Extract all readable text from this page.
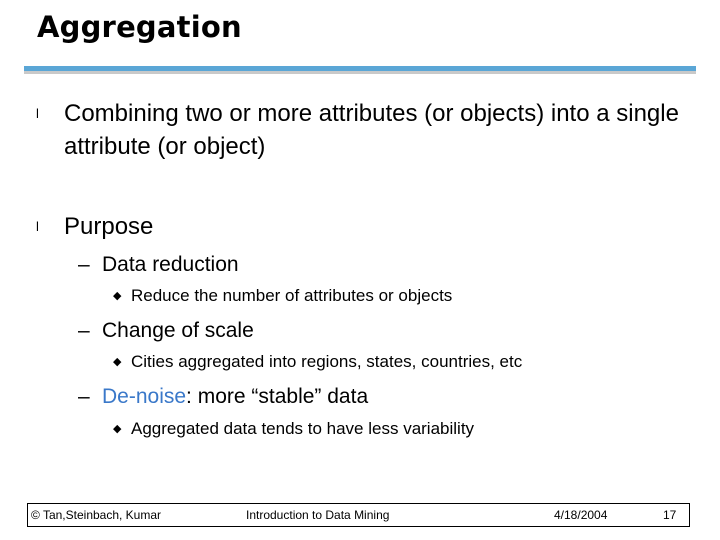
Aggregation
l	Combining two or more attributes (or objects) into a single attribute (or object)
l	Purpose
– Data reduction
◆ Reduce the number of attributes or objects
– Change of scale
◆ Cities aggregated into regions, states, countries, etc
– De-noise: more “stable” data
◆ Aggregated data tends to have less variability
© Tan,Steinbach, Kumar	Introduction to Data Mining	4/18/2004	17
